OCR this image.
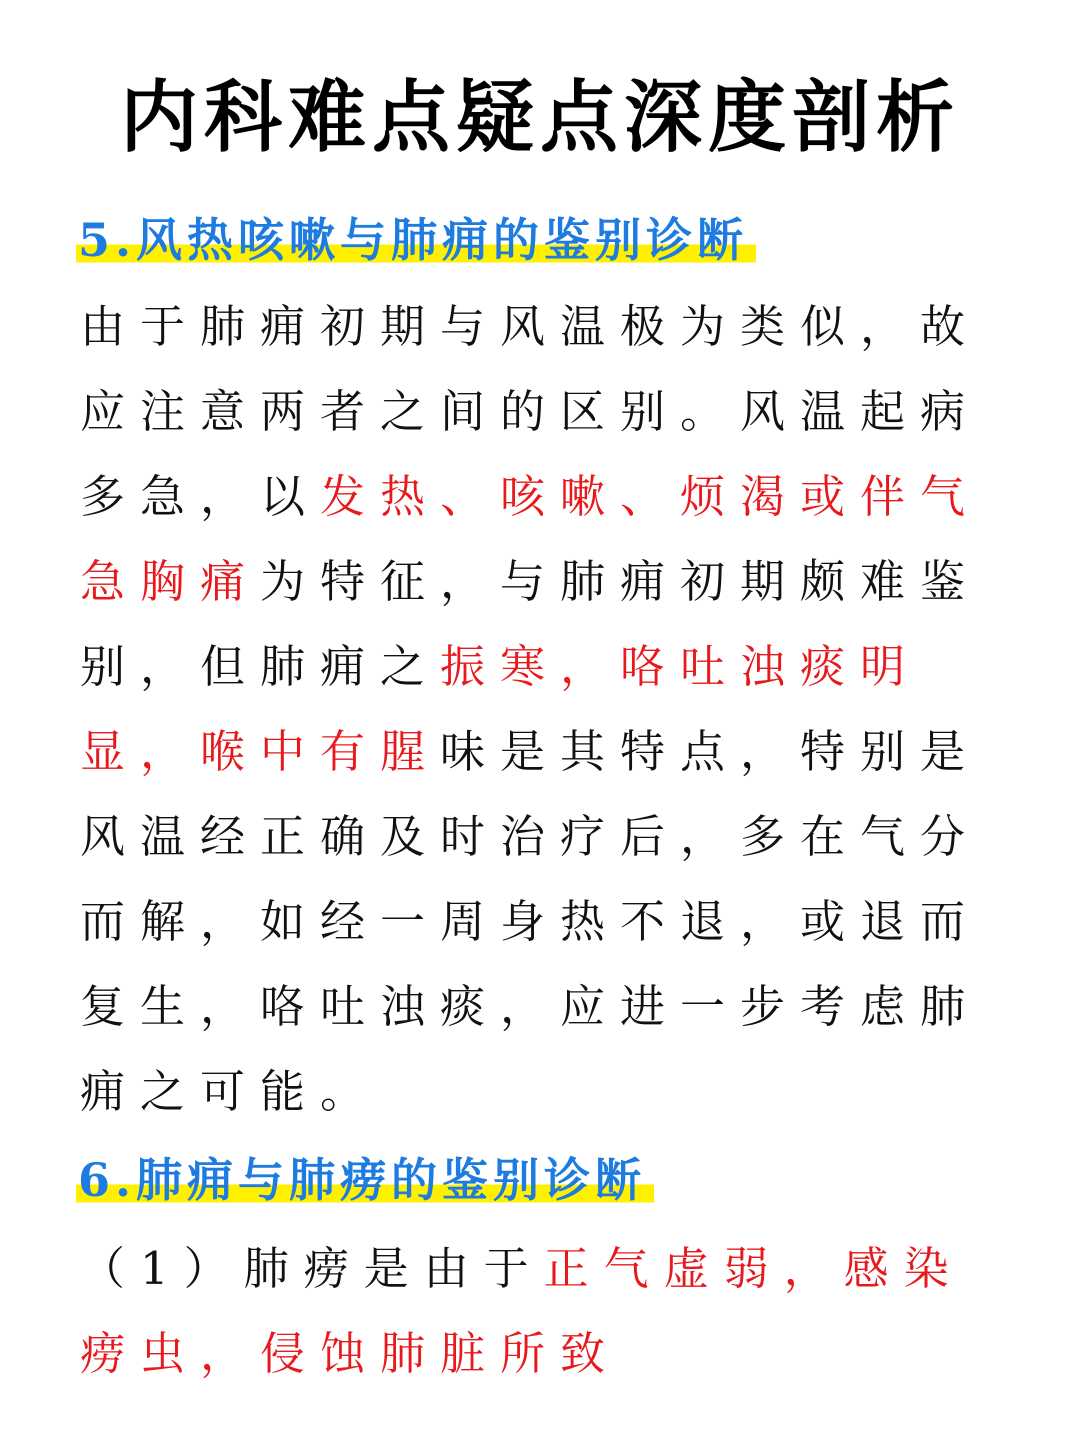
内科难点疑点深度剖析
5.风热咳嗽与肺痈的鉴别诊断
由于肺痈初期与风温极为类似，故应注意两者之间的区别。风温起病多急，以发热、咳嗽、烦渴或伴气急胸痛为特征，与肺痈初期颇难鉴别，但肺痈之振寒，咯吐浊痰明显，喉中有腥味是其特点，特别是风温经正确及时治疗后，多在气分而解，如经一周身热不退，或退而复生，咯吐浊痰，应进一步考虑肺痈之可能。
6.肺痈与肺痨的鉴别诊断
（1）肺痨是由于正气虚弱，感染痨虫，侵蚀肺脏所致
